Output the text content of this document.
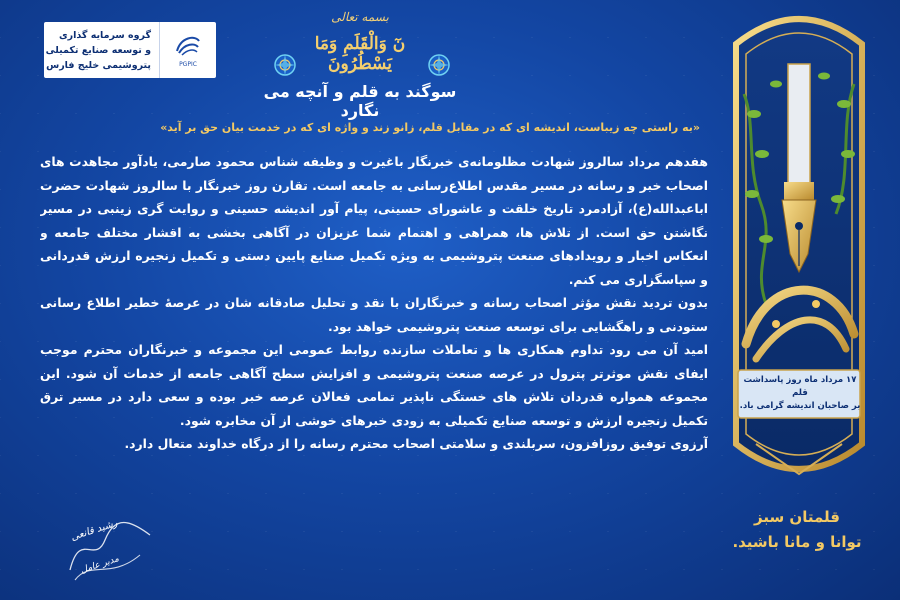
گروه سرمایه گذاری
و توسعه صنایع تکمیلی
پتروشیمی خلیج فارس	PGPIC
بسمه تعالی
نٓ وَالْقَلَمِ وَمَا يَسْطُرُونَ
سوگند به قلم و آنچه می نگارد
«به راستی چه زیباست، اندیشه ای که در مقابل قلم، زانو زند و واژه ای که در خدمت بیان حق بر آید»

هفدهم مرداد سالروز شهادت مظلومانه‌ی خبرنگار باغیرت و وظیفه شناس محمود صارمی، یادآور مجاهدت های اصحاب خبر و رسانه در مسیر مقدس اطلاع‌رسانی به جامعه است. تقارن روز خبرنگار با سالروز شهادت حضرت اباعبدالله(ع)، آزادمرد تاریخ خلقت و عاشورای حسینی، پیام آور اندیشه حسینی و روایت گری زینبی در مسیر نگاشتن حق است. از تلاش ها، همراهی و اهتمام شما عزیزان در آگاهی بخشی به اقشار مختلف جامعه و انعکاس اخبار و رویدادهای صنعت پتروشیمی به ویژه تکمیل صنایع پایین دستی و تکمیل زنجیره ارزش قدردانی و سپاسگزاری می کنم.

بدون تردید نقش مؤثر اصحاب رسانه و خبرنگاران با نقد و تحلیل صادقانه شان در عرصهٔ خطیر اطلاع رسانی ستودنی و راهگشایی برای توسعه صنعت پتروشیمی خواهد بود.

امید آن می رود تداوم همکاری ها و تعاملات سازنده روابط عمومی این مجموعه و خبرنگاران محترم موجب ایفای نقش موثرتر پترول در عرصه صنعت پتروشیمی و افزایش سطح آگاهی جامعه از خدمات آن شود. این مجموعه همواره قدردان تلاش های خستگی ناپذیر تمامی فعالان عرصه خبر بوده و سعی دارد در مسیر ترق تکمیل زنجیره ارزش و توسعه صنایع تکمیلی به زودی خبرهای خوشی از آن مخابره شود.

آرزوی توفیق روزافزون، سربلندی و سلامتی اصحاب محترم رسانه را از درگاه خداوند متعال دارد.

رشید قانعی
مدیر عامل
۱۷ مرداد ماه روز پاسداشت قلم
بر صاحبان اندیشه گرامی باد.
قلمتان سبز
توانا و مانا باشید.
